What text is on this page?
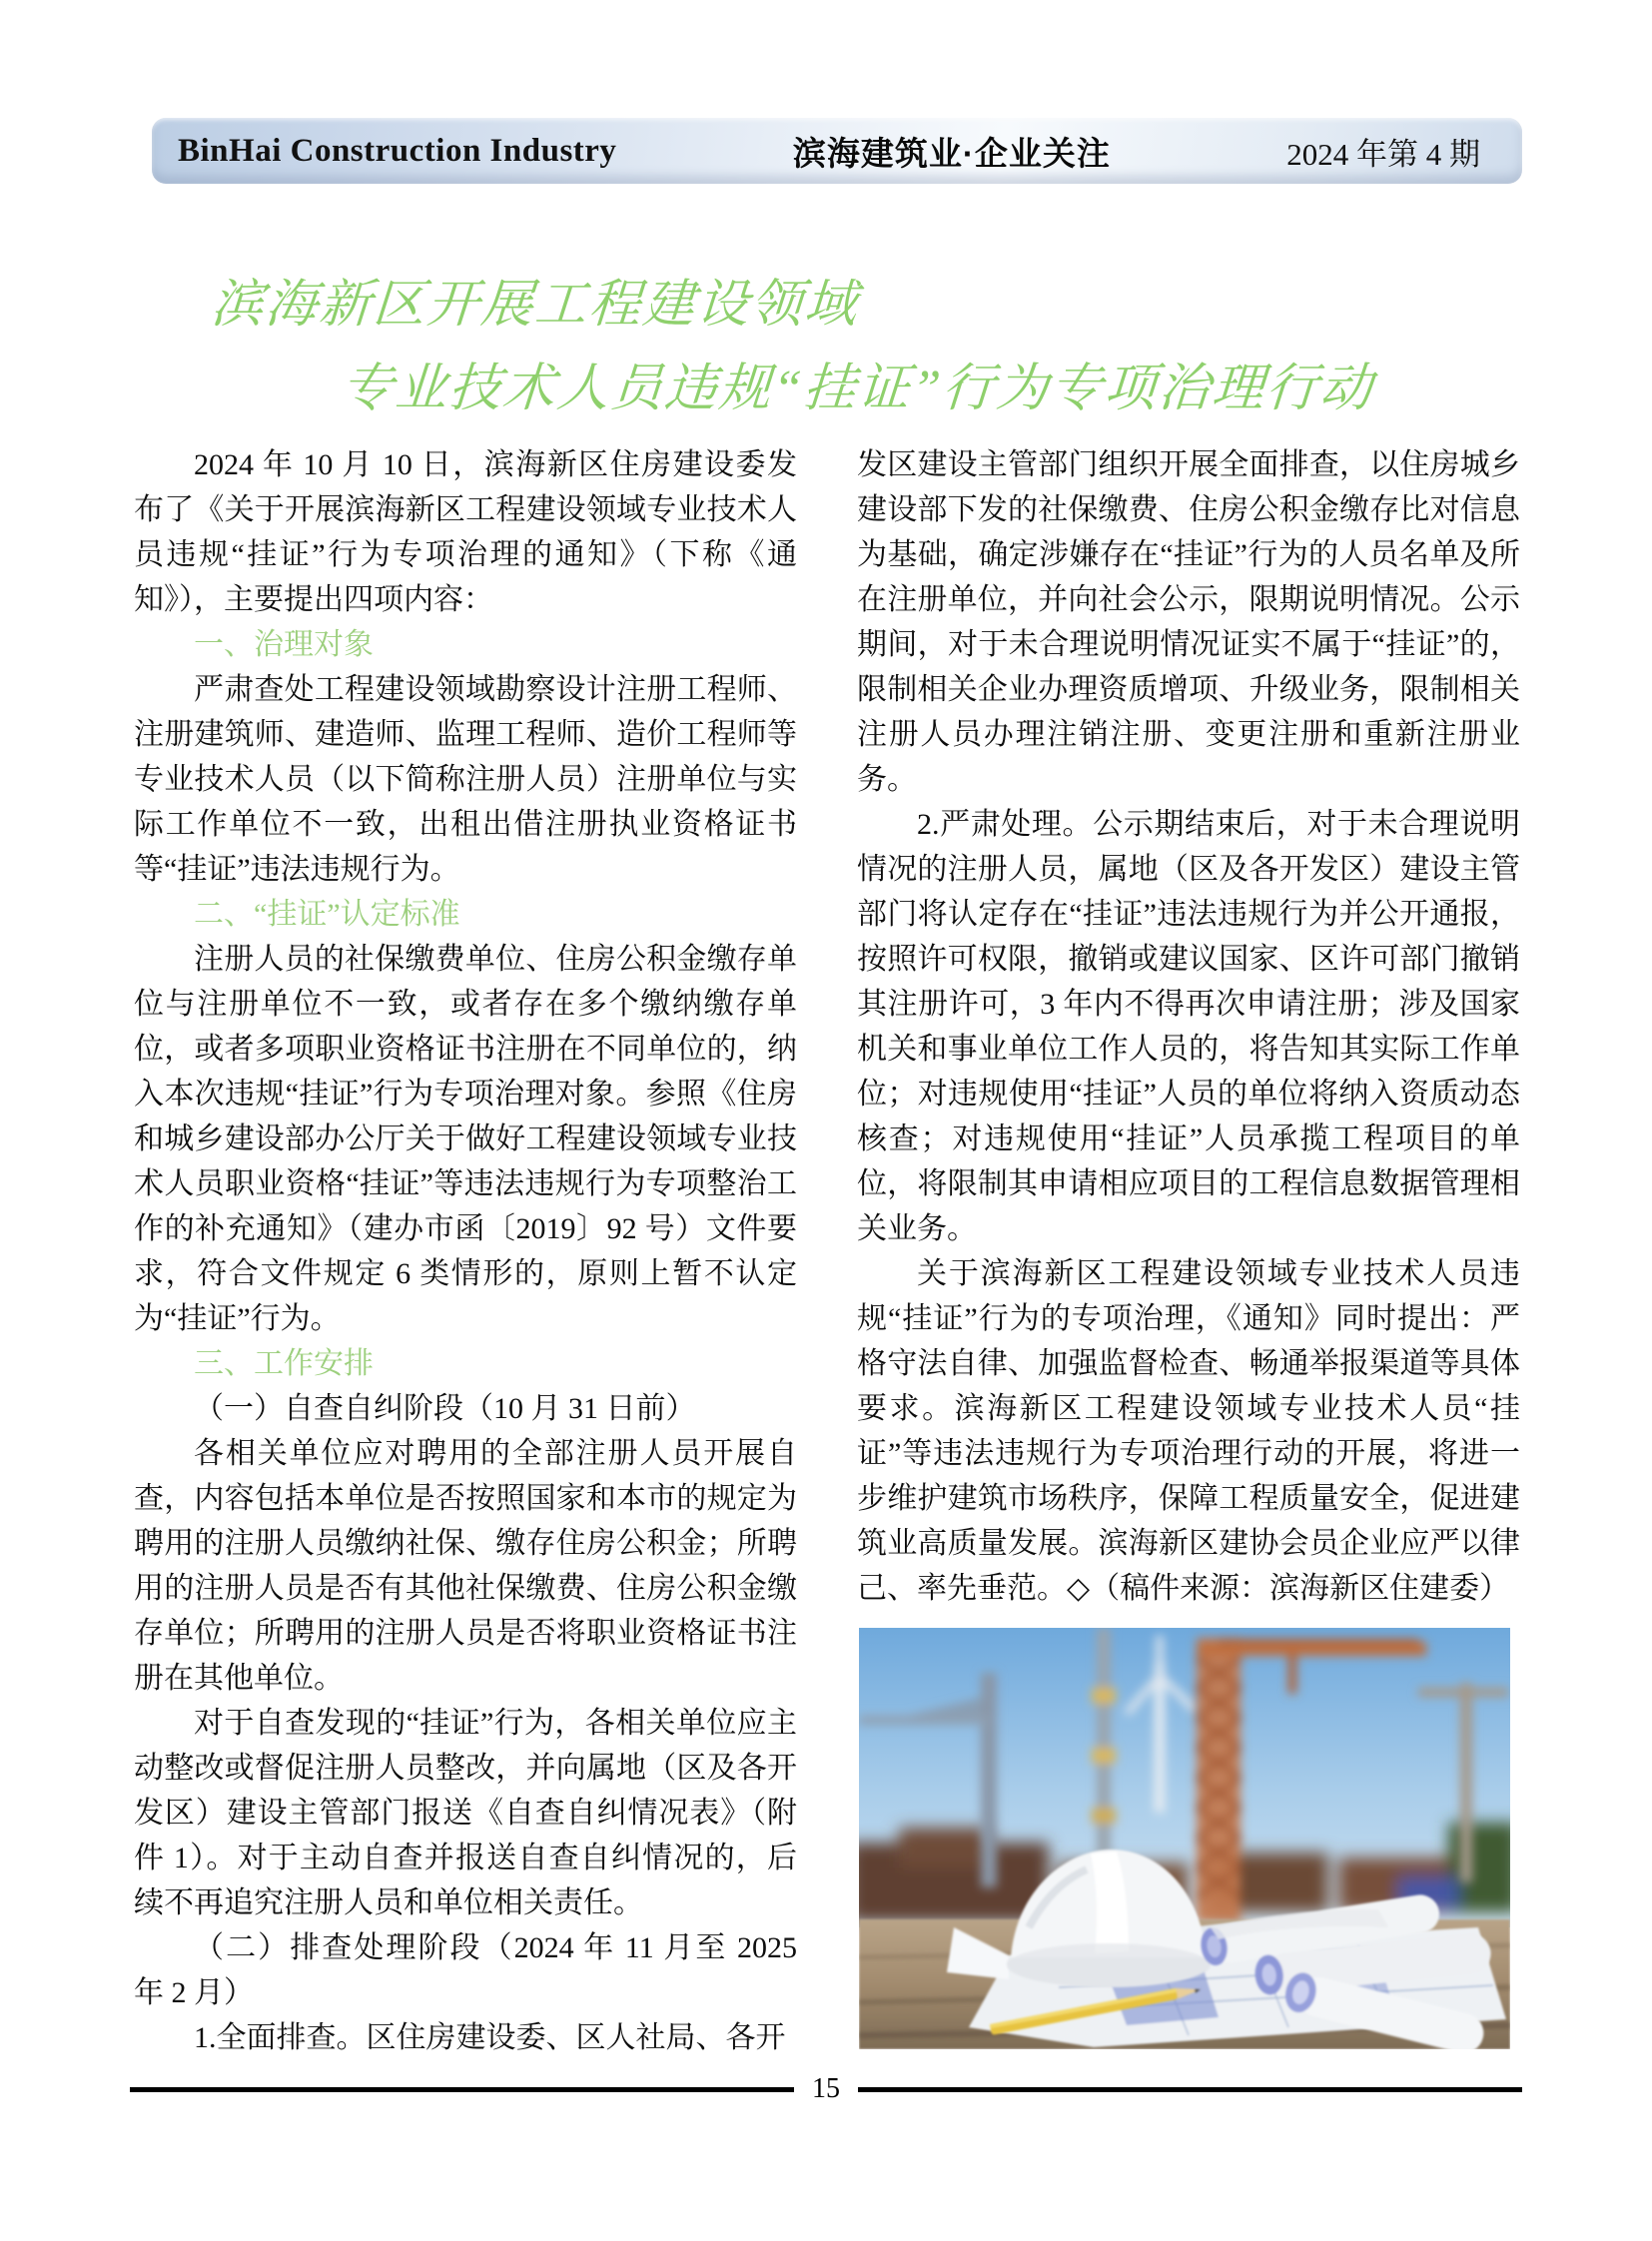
BinHai Construction Industry	滨海建筑业·企业关注	2024 年第 4 期
滨海新区开展工程建设领域
专业技术人员违规“挂证”行为专项治理行动

2024 年 10 月 10 日，滨海新区住房建设委发布了《关于开展滨海新区工程建设领域专业技术人员违规“挂证”行为专项治理的通知》（下称《通知》），主要提出四项内容：

一、治理对象

严肃查处工程建设领域勘察设计注册工程师、注册建筑师、建造师、监理工程师、造价工程师等专业技术人员（以下简称注册人员）注册单位与实际工作单位不一致，出租出借注册执业资格证书等“挂证”违法违规行为。

二、“挂证”认定标准

注册人员的社保缴费单位、住房公积金缴存单位与注册单位不一致，或者存在多个缴纳缴存单位，或者多项职业资格证书注册在不同单位的，纳入本次违规“挂证”行为专项治理对象。参照《住房和城乡建设部办公厅关于做好工程建设领域专业技术人员职业资格“挂证”等违法违规行为专项整治工作的补充通知》（建办市函〔2019〕92 号）文件要求，符合文件规定 6 类情形的，原则上暂不认定为“挂证”行为。

三、工作安排

（一）自查自纠阶段（10 月 31 日前）

各相关单位应对聘用的全部注册人员开展自查，内容包括本单位是否按照国家和本市的规定为聘用的注册人员缴纳社保、缴存住房公积金；所聘用的注册人员是否有其他社保缴费、住房公积金缴存单位；所聘用的注册人员是否将职业资格证书注册在其他单位。

对于自查发现的“挂证”行为，各相关单位应主动整改或督促注册人员整改，并向属地（区及各开发区）建设主管部门报送《自查自纠情况表》（附件 1）。对于主动自查并报送自查自纠情况的，后续不再追究注册人员和单位相关责任。

（二）排查处理阶段（2024 年 11 月至 2025 年 2 月）

1.全面排查。区住房建设委、区人社局、各开

发区建设主管部门组织开展全面排查，以住房城乡建设部下发的社保缴费、住房公积金缴存比对信息为基础，确定涉嫌存在“挂证”行为的人员名单及所在注册单位，并向社会公示，限期说明情况。公示期间，对于未合理说明情况证实不属于“挂证”的，限制相关企业办理资质增项、升级业务，限制相关注册人员办理注销注册、变更注册和重新注册业务。

2.严肃处理。公示期结束后，对于未合理说明情况的注册人员，属地（区及各开发区）建设主管部门将认定存在“挂证”违法违规行为并公开通报，按照许可权限，撤销或建议国家、区许可部门撤销其注册许可，3 年内不得再次申请注册；涉及国家机关和事业单位工作人员的，将告知其实际工作单位；对违规使用“挂证”人员的单位将纳入资质动态核查；对违规使用“挂证”人员承揽工程项目的单位，将限制其申请相应项目的工程信息数据管理相关业务。

关于滨海新区工程建设领域专业技术人员违规“挂证”行为的专项治理，《通知》同时提出：严格守法自律、加强监督检查、畅通举报渠道等具体要求。滨海新区工程建设领域专业技术人员“挂证”等违法违规行为专项治理行动的开展，将进一步维护建筑市场秩序，保障工程质量安全，促进建筑业高质量发展。滨海新区建协会员企业应严以律己、率先垂范。◇（稿件来源：滨海新区住建委）

15
